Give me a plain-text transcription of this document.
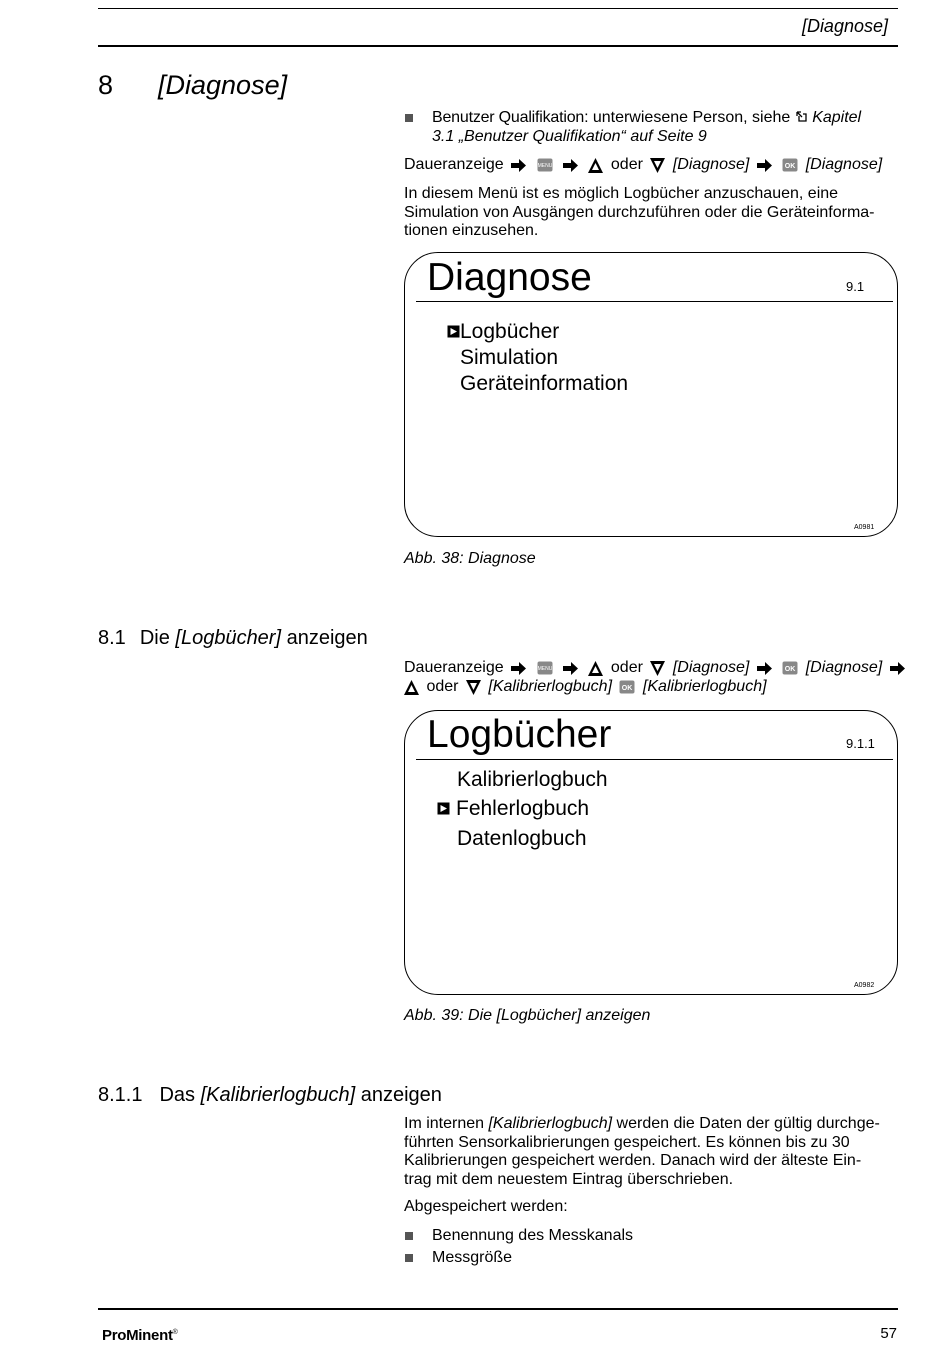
[Diagnose]
8 [Diagnose]
Benutzer Qualifikation: unterwiesene Person, siehe  Kapitel
3.1 „Benutzer Qualifikation“ auf Seite 9
Daueranzeige	MENU	oder [Diagnose]	OK [Diagnose]
In diesem Menü ist es möglich Logbücher anzuschauen, eine
Simulation von Ausgängen durchzuführen oder die Geräteinforma-
tionen einzusehen.
Diagnose	9.1
Logbücher
Simulation
Geräteinformation
A0981
Abb. 38: Diagnose
8.1 Die [Logbücher] anzeigen
Daueranzeige	MENU	oder [Diagnose]	OK [Diagnose]
oder [Kalibrierlogbuch] OK [Kalibrierlogbuch]
Logbücher	9.1.1
Kalibrierlogbuch
Fehlerlogbuch
Datenlogbuch
A0982
Abb. 39: Die [Logbücher] anzeigen
8.1.1 Das [Kalibrierlogbuch] anzeigen
Im internen [Kalibrierlogbuch] werden die Daten der gültig durchge-
führten Sensorkalibrierungen gespeichert. Es können bis zu 30
Kalibrierungen gespeichert werden. Danach wird der älteste Ein-
trag mit dem neuestem Eintrag überschrieben.
Abgespeichert werden:
Benennung des Messkanals
Messgröße
ProMinent®	57
